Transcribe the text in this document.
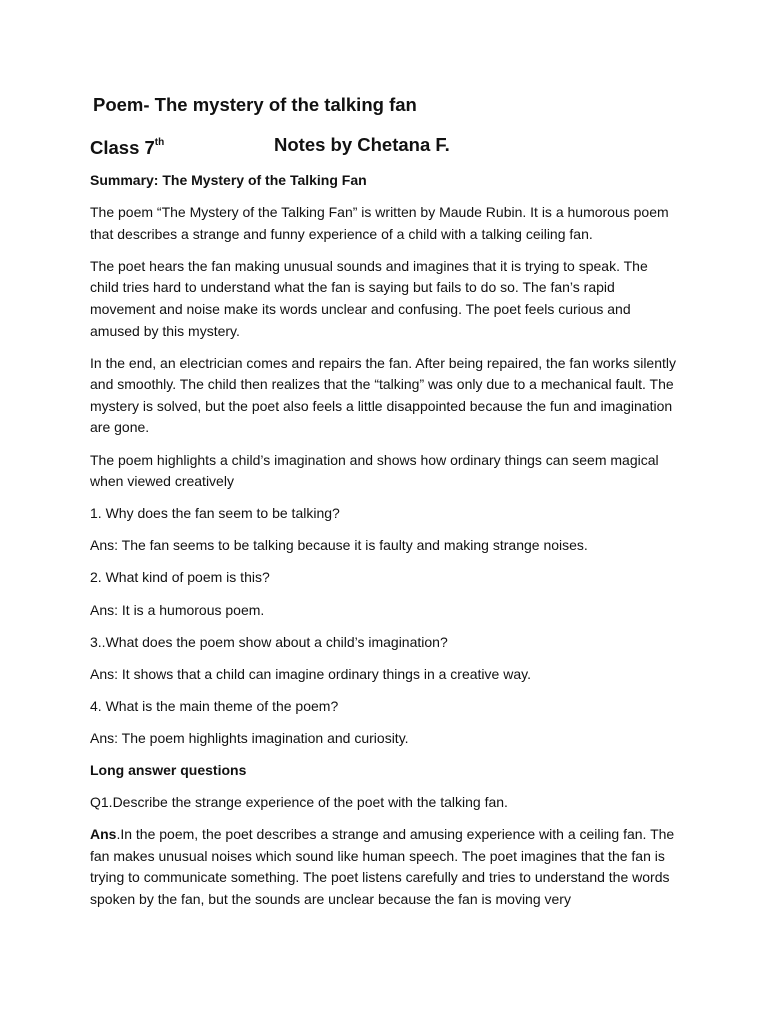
Poem- The mystery of the talking fan
Class 7th	Notes by Chetana F.

Summary: The Mystery of the Talking Fan

The poem “The Mystery of the Talking Fan” is written by Maude Rubin. It is a humorous poem that describes a strange and funny experience of a child with a talking ceiling fan.

The poet hears the fan making unusual sounds and imagines that it is trying to speak. The child tries hard to understand what the fan is saying but fails to do so. The fan’s rapid movement and noise make its words unclear and confusing. The poet feels curious and amused by this mystery.

In the end, an electrician comes and repairs the fan. After being repaired, the fan works silently and smoothly. The child then realizes that the “talking” was only due to a mechanical fault. The mystery is solved, but the poet also feels a little disappointed because the fun and imagination are gone.

The poem highlights a child’s imagination and shows how ordinary things can seem magical when viewed creatively

1. Why does the fan seem to be talking?

Ans: The fan seems to be talking because it is faulty and making strange noises.

2. What kind of poem is this?

Ans: It is a humorous poem.

3..What does the poem show about a child’s imagination?

Ans: It shows that a child can imagine ordinary things in a creative way.

4. What is the main theme of the poem?

Ans: The poem highlights imagination and curiosity.

Long answer questions

Q1.Describe the strange experience of the poet with the talking fan.

Ans.In the poem, the poet describes a strange and amusing experience with a ceiling fan. The fan makes unusual noises which sound like human speech. The poet imagines that the fan is trying to communicate something. The poet listens carefully and tries to understand the words spoken by the fan, but the sounds are unclear because the fan is moving very
